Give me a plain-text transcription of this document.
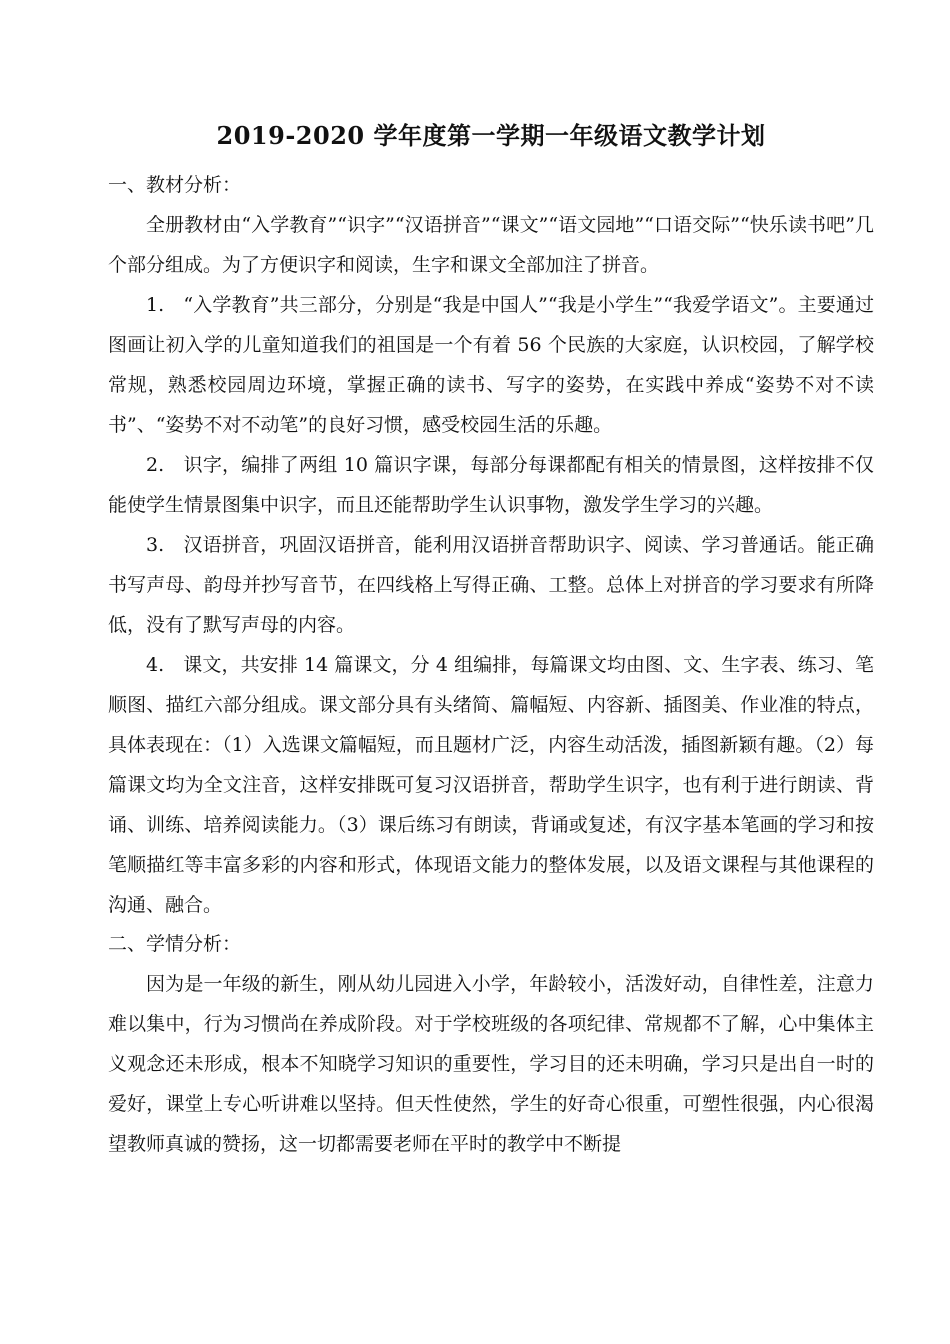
2019-2020 学年度第一学期一年级语文教学计划
一、教材分析：

全册教材由“入学教育”“识字”“汉语拼音”“课文”“语文园地”“口语交际”“快乐读书吧”几个部分组成。为了方便识字和阅读，生字和课文全部加注了拼音。

1.　“入学教育”共三部分，分别是“我是中国人”“我是小学生”“我爱学语文”。主要通过图画让初入学的儿童知道我们的祖国是一个有着 56 个民族的大家庭，认识校园，了解学校常规，熟悉校园周边环境，掌握正确的读书、写字的姿势，在实践中养成“姿势不对不读书”、“姿势不对不动笔”的良好习惯，感受校园生活的乐趣。

2.　识字，编排了两组 10 篇识字课，每部分每课都配有相关的情景图，这样按排不仅能使学生情景图集中识字，而且还能帮助学生认识事物，激发学生学习的兴趣。

3.　汉语拼音，巩固汉语拼音，能利用汉语拼音帮助识字、阅读、学习普通话。能正确书写声母、韵母并抄写音节，在四线格上写得正确、工整。总体上对拼音的学习要求有所降低，没有了默写声母的内容。

4.　课文，共安排 14 篇课文，分 4 组编排，每篇课文均由图、文、生字表、练习、笔顺图、描红六部分组成。课文部分具有头绪简、篇幅短、内容新、插图美、作业准的特点，具体表现在：（1）入选课文篇幅短，而且题材广泛，内容生动活泼，插图新颖有趣。（2）每篇课文均为全文注音，这样安排既可复习汉语拼音，帮助学生识字，也有利于进行朗读、背诵、训练、培养阅读能力。（3）课后练习有朗读，背诵或复述，有汉字基本笔画的学习和按笔顺描红等丰富多彩的内容和形式，体现语文能力的整体发展，以及语文课程与其他课程的沟通、融合。

二、学情分析：

因为是一年级的新生，刚从幼儿园进入小学，年龄较小，活泼好动，自律性差，注意力难以集中，行为习惯尚在养成阶段。对于学校班级的各项纪律、常规都不了解，心中集体主义观念还未形成，根本不知晓学习知识的重要性，学习目的还未明确，学习只是出自一时的爱好，课堂上专心听讲难以坚持。但天性使然，学生的好奇心很重，可塑性很强，内心很渴望教师真诚的赞扬，这一切都需要老师在平时的教学中不断提
